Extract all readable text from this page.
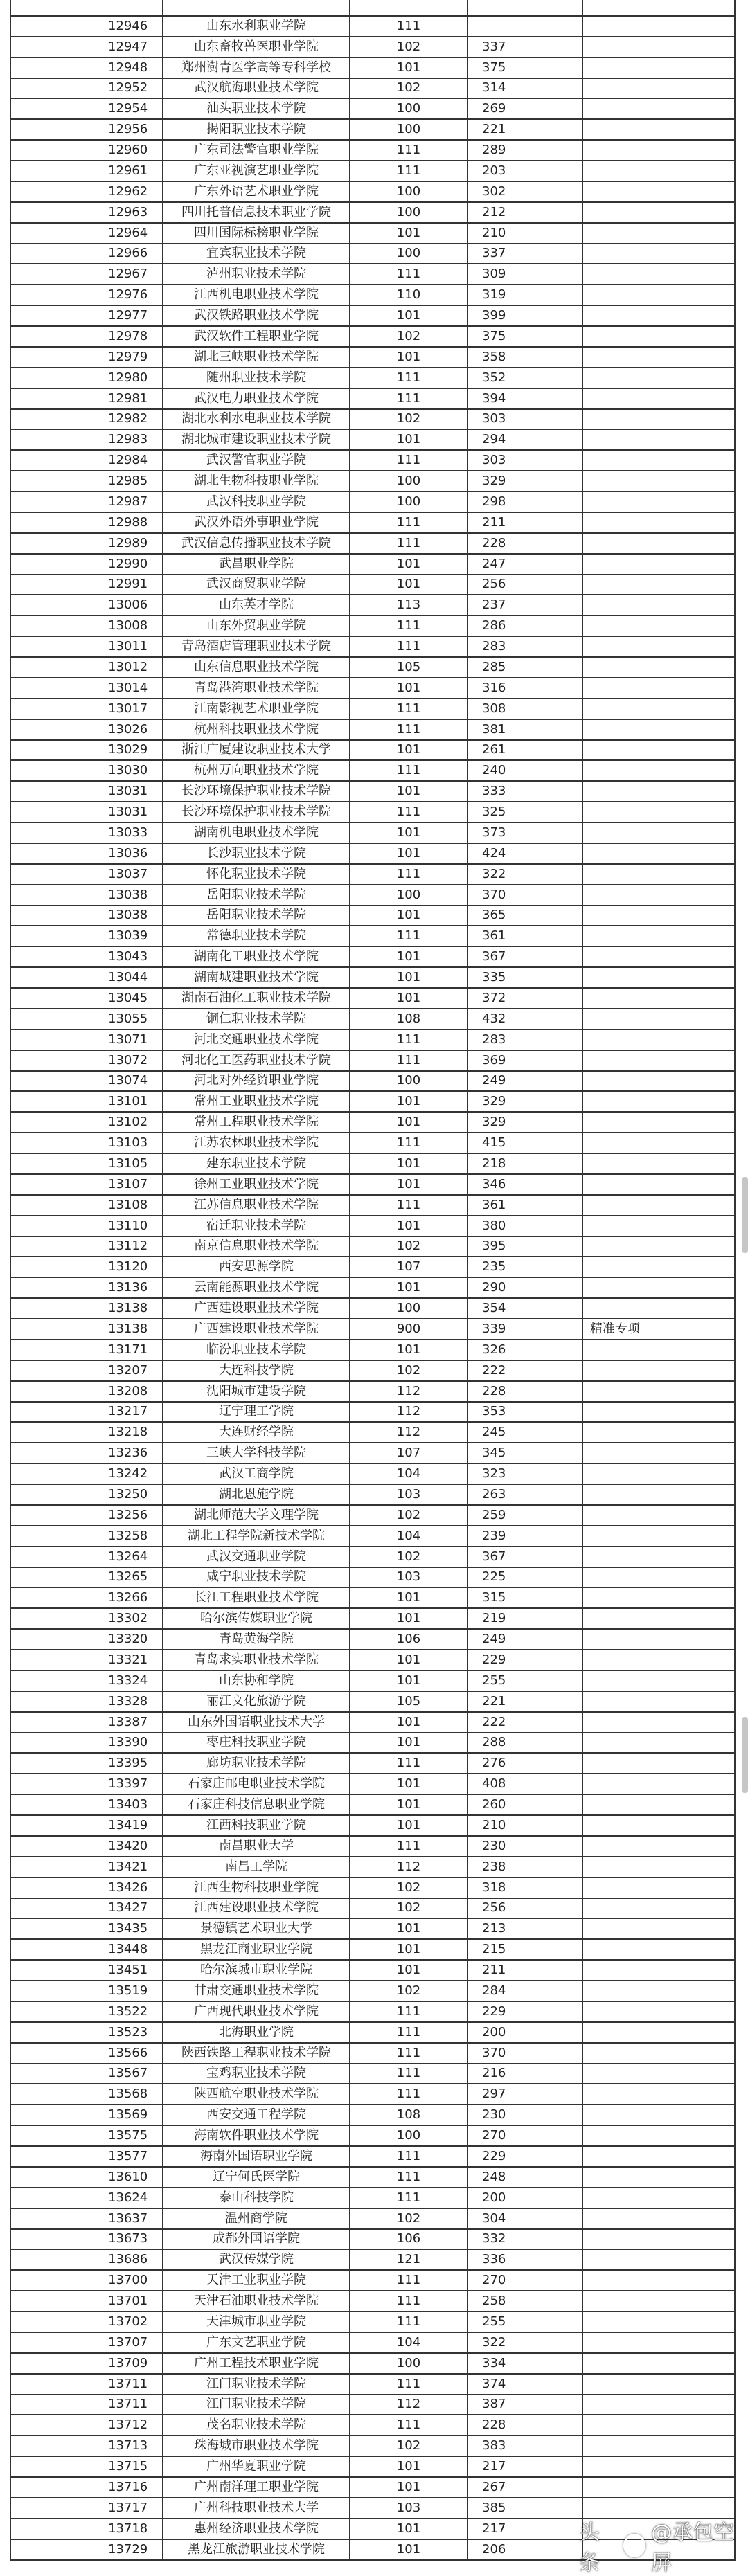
12946	山东水利职业学院	111
12947	山东畜牧兽医职业学院	102	337
12948	郑州澍青医学高等专科学校	101	375
12952	武汉航海职业技术学院	102	314
12954	汕头职业技术学院	100	269
12956	揭阳职业技术学院	100	221
12960	广东司法警官职业学院	111	289
12961	广东亚视演艺职业学院	111	203
12962	广东外语艺术职业学院	100	302
12963	四川托普信息技术职业学院	100	212
12964	四川国际标榜职业学院	101	210
12966	宜宾职业技术学院	100	337
12967	泸州职业技术学院	111	309
12976	江西机电职业技术学院	110	319
12977	武汉铁路职业技术学院	101	399
12978	武汉软件工程职业学院	102	375
12979	湖北三峡职业技术学院	101	358
12980	随州职业技术学院	111	352
12981	武汉电力职业技术学院	111	394
12982	湖北水利水电职业技术学院	102	303
12983	湖北城市建设职业技术学院	101	294
12984	武汉警官职业学院	111	303
12985	湖北生物科技职业学院	100	329
12987	武汉科技职业学院	100	298
12988	武汉外语外事职业学院	111	211
12989	武汉信息传播职业技术学院	111	228
12990	武昌职业学院	101	247
12991	武汉商贸职业学院	101	256
13006	山东英才学院	113	237
13008	山东外贸职业学院	111	286
13011	青岛酒店管理职业技术学院	111	283
13012	山东信息职业技术学院	105	285
13014	青岛港湾职业技术学院	101	316
13017	江南影视艺术职业学院	111	308
13026	杭州科技职业技术学院	111	381
13029	浙江广厦建设职业技术大学	101	261
13030	杭州万向职业技术学院	111	240
13031	长沙环境保护职业技术学院	101	333
13031	长沙环境保护职业技术学院	111	325
13033	湖南机电职业技术学院	101	373
13036	长沙职业技术学院	101	424
13037	怀化职业技术学院	111	322
13038	岳阳职业技术学院	100	370
13038	岳阳职业技术学院	101	365
13039	常德职业技术学院	111	361
13043	湖南化工职业技术学院	101	367
13044	湖南城建职业技术学院	101	335
13045	湖南石油化工职业技术学院	101	372
13055	铜仁职业技术学院	108	432
13071	河北交通职业技术学院	111	283
13072	河北化工医药职业技术学院	111	369
13074	河北对外经贸职业学院	100	249
13101	常州工业职业技术学院	101	329
13102	常州工程职业技术学院	101	329
13103	江苏农林职业技术学院	111	415
13105	建东职业技术学院	101	218
13107	徐州工业职业技术学院	101	346
13108	江苏信息职业技术学院	111	361
13110	宿迁职业技术学院	101	380
13112	南京信息职业技术学院	102	395
13120	西安思源学院	107	235
13136	云南能源职业技术学院	101	290
13138	广西建设职业技术学院	100	354
13138	广西建设职业技术学院	900	339	精准专项
13171	临汾职业技术学院	101	326
13207	大连科技学院	102	222
13208	沈阳城市建设学院	112	228
13217	辽宁理工学院	112	353
13218	大连财经学院	112	245
13236	三峡大学科技学院	107	345
13242	武汉工商学院	104	323
13250	湖北恩施学院	103	263
13256	湖北师范大学文理学院	102	259
13258	湖北工程学院新技术学院	104	239
13264	武汉交通职业学院	102	367
13265	咸宁职业技术学院	103	225
13266	长江工程职业技术学院	101	315
13302	哈尔滨传媒职业学院	101	219
13320	青岛黄海学院	106	249
13321	青岛求实职业技术学院	101	229
13324	山东协和学院	101	255
13328	丽江文化旅游学院	105	221
13387	山东外国语职业技术大学	101	222
13390	枣庄科技职业学院	101	288
13395	廊坊职业技术学院	111	276
13397	石家庄邮电职业技术学院	101	408
13403	石家庄科技信息职业学院	101	260
13419	江西科技职业学院	101	210
13420	南昌职业大学	111	230
13421	南昌工学院	112	238
13426	江西生物科技职业学院	102	318
13427	江西建设职业技术学院	102	256
13435	景德镇艺术职业大学	101	213
13448	黑龙江商业职业学院	101	215
13451	哈尔滨城市职业学院	101	211
13519	甘肃交通职业技术学院	102	284
13522	广西现代职业技术学院	111	229
13523	北海职业学院	111	200
13566	陕西铁路工程职业技术学院	111	370
13567	宝鸡职业技术学院	111	216
13568	陕西航空职业技术学院	111	297
13569	西安交通工程学院	108	230
13575	海南软件职业技术学院	100	270
13577	海南外国语职业学院	111	229
13610	辽宁何氏医学院	111	248
13624	泰山科技学院	111	200
13637	温州商学院	102	304
13673	成都外国语学院	106	332
13686	武汉传媒学院	121	336
13700	天津工业职业学院	111	270
13701	天津石油职业技术学院	111	258
13702	天津城市职业学院	111	255
13707	广东文艺职业学院	104	322
13709	广州工程技术职业学院	100	334
13711	江门职业技术学院	111	374
13711	江门职业技术学院	112	387
13712	茂名职业技术学院	111	228
13713	珠海城市职业技术学院	102	383
13715	广州华夏职业学院	101	217
13716	广州南洋理工职业学院	101	267
13717	广州科技职业技术大学	103	385
13718	惠州经济职业技术学院	101	217
13729	黑龙江旅游职业技术学院	101	206
头条
@承包空屏
